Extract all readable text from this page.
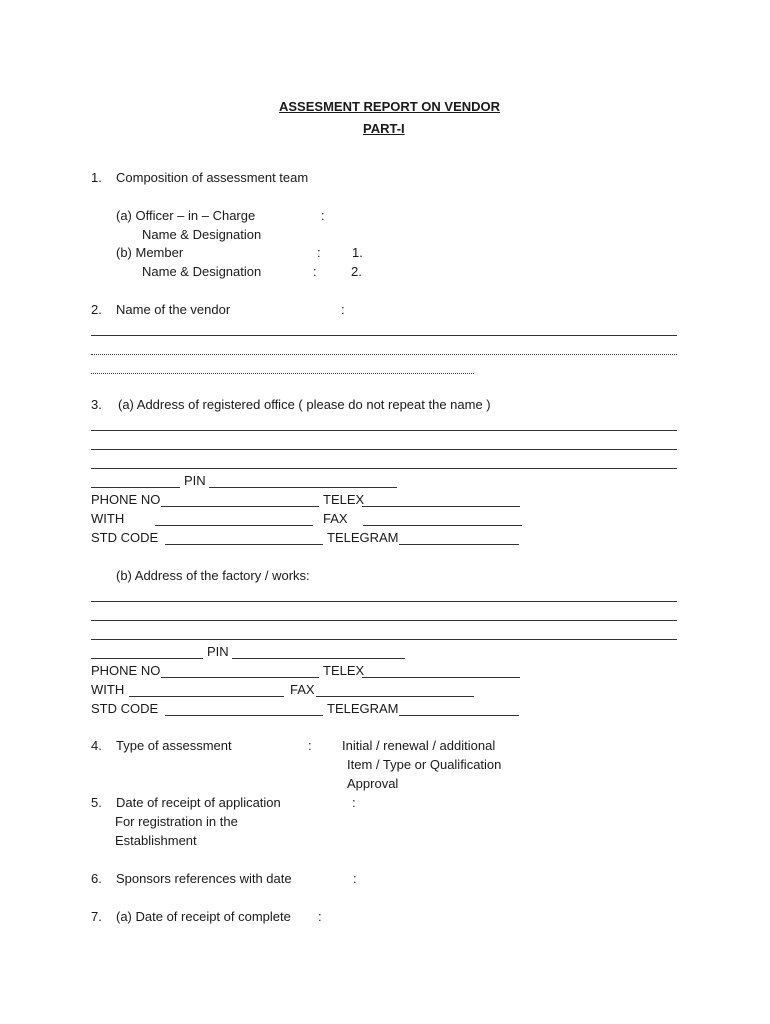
ASSESMENT REPORT ON VENDOR
PART-I
1. Composition of assessment team
(a) Officer – in – Charge	:
Name & Designation
(b) Member	: 1.
Name & Designation	:	2.
2. Name of the vendor	:
3. (a) Address of registered office ( please do not repeat the name )
PIN
PHONE NO	TELEX
WITH	FAX
STD CODE	TELEGRAM
(b) Address of the factory / works:
PIN
PHONE NO	TELEX
WITH	FAX
STD CODE	TELEGRAM
4. Type of assessment	: Initial / renewal / additional
Item / Type or Qualification
Approval
5. Date of receipt of application	:
For registration in the
Establishment
6. Sponsors references with date	:
7. (a) Date of receipt of complete :
